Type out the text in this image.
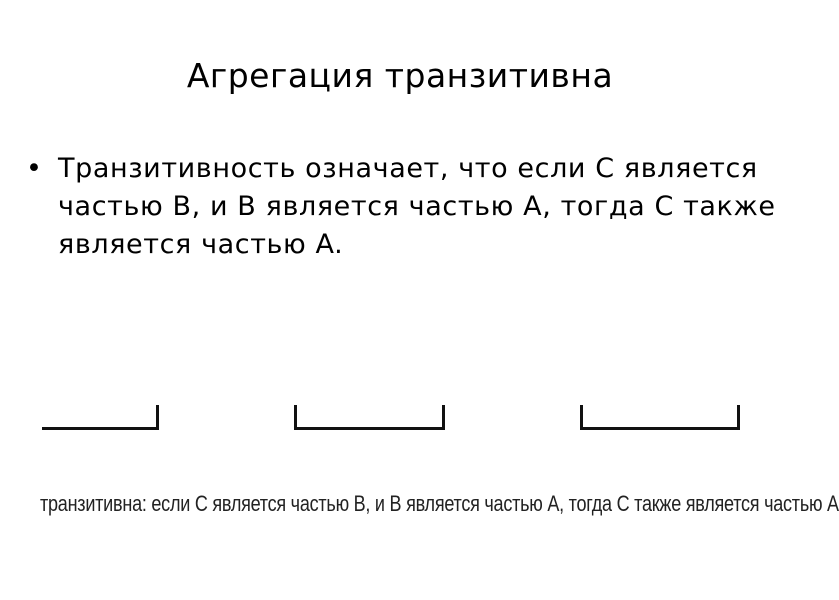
Агрегация транзитивна
• Транзитивность означает, что если C является частью B, и B является частью A, тогда C также является частью A.
транзитивна: если C является частью B, и B является частью A, тогда C также является частью A
